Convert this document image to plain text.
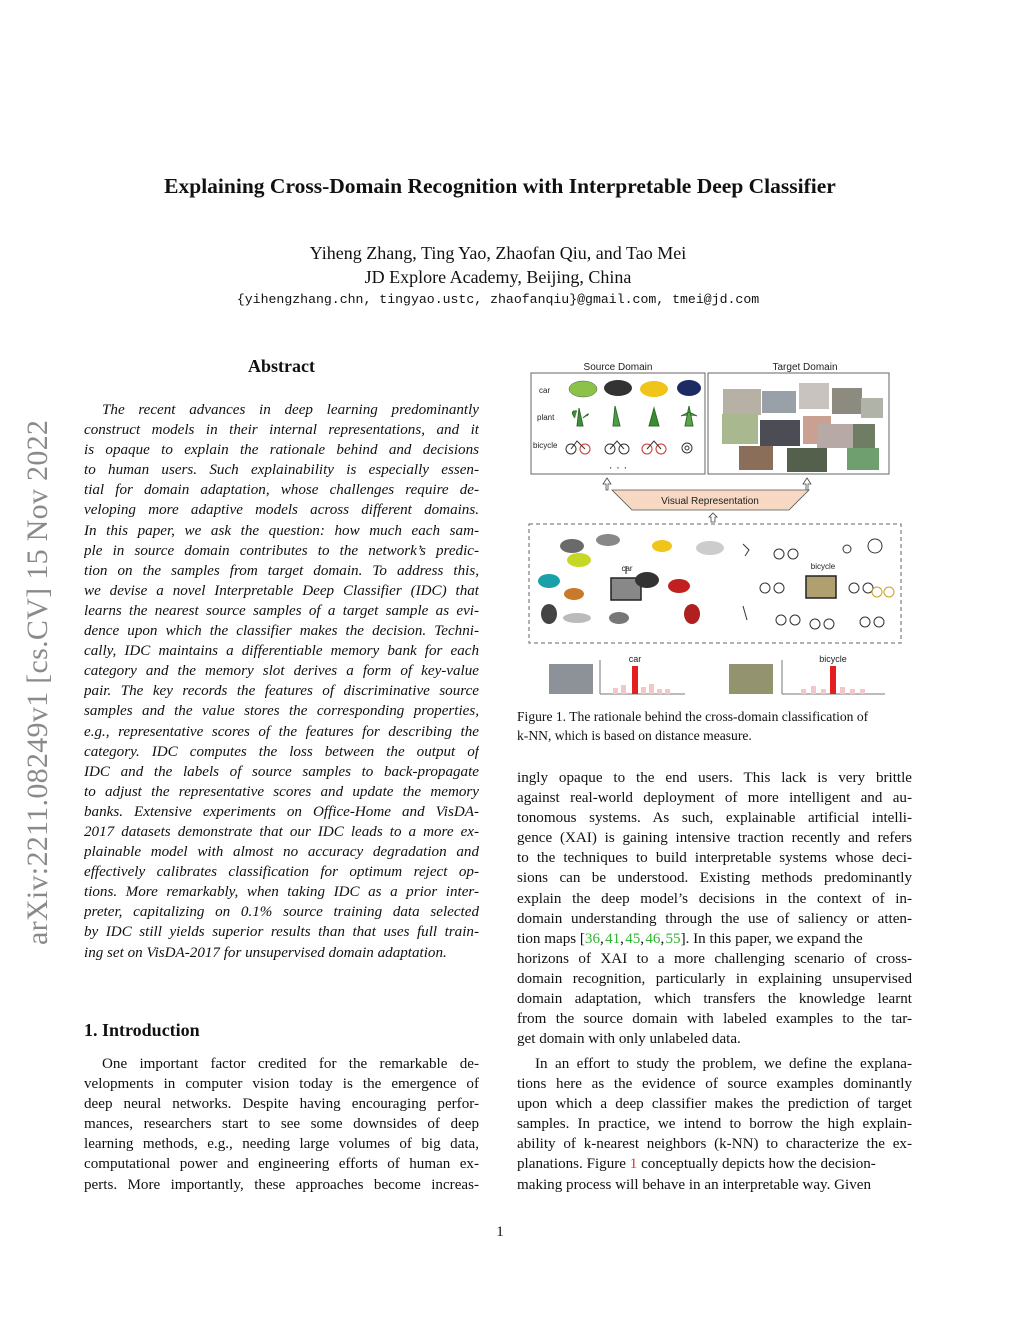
Explaining Cross-Domain Recognition with Interpretable Deep Classifier
Yiheng Zhang, Ting Yao, Zhaofan Qiu, and Tao Mei
JD Explore Academy, Beijing, China
{yihengzhang.chn, tingyao.ustc, zhaofanqiu}@gmail.com, tmei@jd.com
arXiv:2211.08249v1 [cs.CV] 15 Nov 2022
Abstract
The recent advances in deep learning predominantly
construct models in their internal representations, and it
is opaque to explain the rationale behind and decisions
to human users. Such explainability is especially essen-
tial for domain adaptation, whose challenges require de-
veloping more adaptive models across different domains.
In this paper, we ask the question: how much each sam-
ple in source domain contributes to the network’s predic-
tion on the samples from target domain. To address this,
we devise a novel Interpretable Deep Classifier (IDC) that
learns the nearest source samples of a target sample as evi-
dence upon which the classifier makes the decision. Techni-
cally, IDC maintains a differentiable memory bank for each
category and the memory slot derives a form of key-value
pair. The key records the features of discriminative source
samples and the value stores the corresponding properties,
e.g., representative scores of the features for describing the
category. IDC computes the loss between the output of
IDC and the labels of source samples to back-propagate
to adjust the representative scores and update the memory
banks. Extensive experiments on Office-Home and VisDA-
2017 datasets demonstrate that our IDC leads to a more ex-
plainable model with almost no accuracy degradation and
effectively calibrates classification for optimum reject op-
tions. More remarkably, when taking IDC as a prior inter-
preter, capitalizing on 0.1% source training data selected
by IDC still yields superior results than that uses full train-
ing set on VisDA-2017 for unsupervised domain adaptation.
1. Introduction
One important factor credited for the remarkable de-
velopments in computer vision today is the emergence of
deep neural networks. Despite having encouraging perfor-
mances, researchers start to see some downsides of deep
learning methods, e.g., needing large volumes of big data,
computational power and engineering efforts of human ex-
perts. More importantly, these approaches become increas-
Source Domain	Target Domain
car
plant
bicycle
· · ·
Visual Representation
car	bicycle
car	bicycle
Figure 1. The rationale behind the cross-domain classification of
k-NN, which is based on distance measure.
ingly opaque to the end users. This lack is very brittle
against real-world deployment of more intelligent and au-
tonomous systems. As such, explainable artificial intelli-
gence (XAI) is gaining intensive traction recently and refers
to the techniques to build interpretable systems whose deci-
sions can be understood. Existing methods predominantly
explain the deep model’s decisions in the context of in-
domain understanding through the use of saliency or atten-
tion maps [36, 41, 45, 46, 55]. In this paper, we expand the
horizons of XAI to a more challenging scenario of cross-
domain recognition, particularly in explaining unsupervised
domain adaptation, which transfers the knowledge learnt
from the source domain with labeled examples to the tar-
get domain with only unlabeled data.
In an effort to study the problem, we define the explana-
tions here as the evidence of source examples dominantly
upon which a deep classifier makes the prediction of target
samples. In practice, we intend to borrow the high explain-
ability of k-nearest neighbors (k-NN) to characterize the ex-
planations. Figure 1 conceptually depicts how the decision-
making process will behave in an interpretable way. Given
1
